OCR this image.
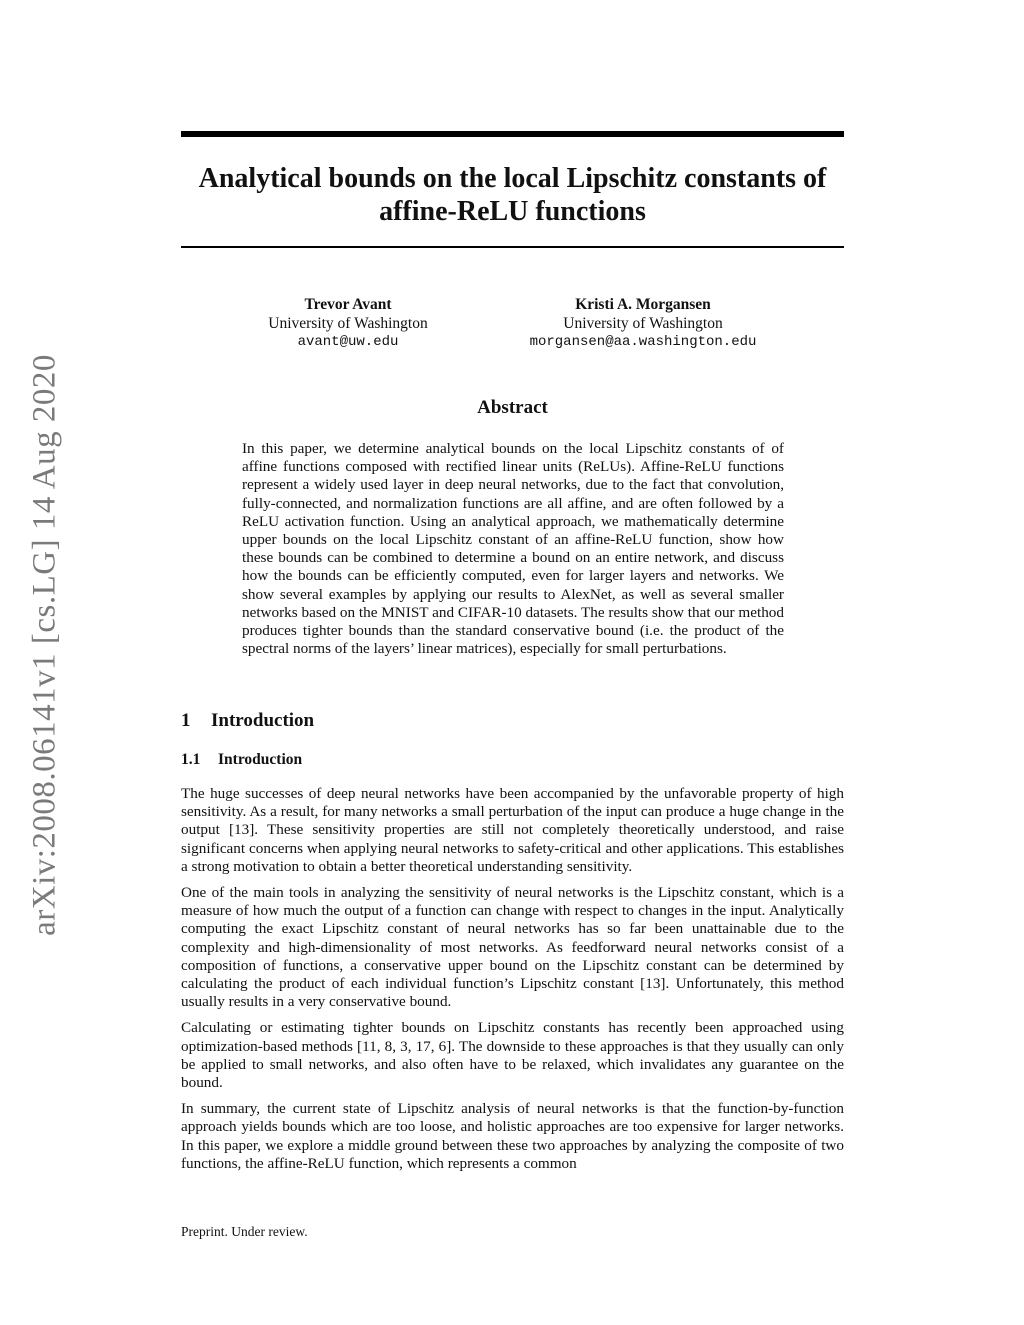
arXiv:2008.06141v1 [cs.LG] 14 Aug 2020
Analytical bounds on the local Lipschitz constants of affine-ReLU functions
Trevor Avant
University of Washington
avant@uw.edu
Kristi A. Morgansen
University of Washington
morgansen@aa.washington.edu
Abstract

In this paper, we determine analytical bounds on the local Lipschitz constants of of affine functions composed with rectified linear units (ReLUs). Affine-ReLU functions represent a widely used layer in deep neural networks, due to the fact that convolution, fully-connected, and normalization functions are all affine, and are often followed by a ReLU activation function. Using an analytical approach, we mathematically determine upper bounds on the local Lipschitz constant of an affine-ReLU function, show how these bounds can be combined to determine a bound on an entire network, and discuss how the bounds can be efficiently computed, even for larger layers and networks. We show several examples by applying our results to AlexNet, as well as several smaller networks based on the MNIST and CIFAR-10 datasets. The results show that our method produces tighter bounds than the standard conservative bound (i.e. the product of the spectral norms of the layers’ linear matrices), especially for small perturbations.

1 Introduction
1.1 Introduction

The huge successes of deep neural networks have been accompanied by the unfavorable property of high sensitivity. As a result, for many networks a small perturbation of the input can produce a huge change in the output [13]. These sensitivity properties are still not completely theoretically understood, and raise significant concerns when applying neural networks to safety-critical and other applications. This establishes a strong motivation to obtain a better theoretical understanding sensitivity.

One of the main tools in analyzing the sensitivity of neural networks is the Lipschitz constant, which is a measure of how much the output of a function can change with respect to changes in the input. Analytically computing the exact Lipschitz constant of neural networks has so far been unattainable due to the complexity and high-dimensionality of most networks. As feedforward neural networks consist of a composition of functions, a conservative upper bound on the Lipschitz constant can be determined by calculating the product of each individual function’s Lipschitz constant [13]. Unfortunately, this method usually results in a very conservative bound.

Calculating or estimating tighter bounds on Lipschitz constants has recently been approached using optimization-based methods [11, 8, 3, 17, 6]. The downside to these approaches is that they usually can only be applied to small networks, and also often have to be relaxed, which invalidates any guarantee on the bound.

In summary, the current state of Lipschitz analysis of neural networks is that the function-by-function approach yields bounds which are too loose, and holistic approaches are too expensive for larger networks. In this paper, we explore a middle ground between these two approaches by analyzing the composite of two functions, the affine-ReLU function, which represents a common

Preprint. Under review.
